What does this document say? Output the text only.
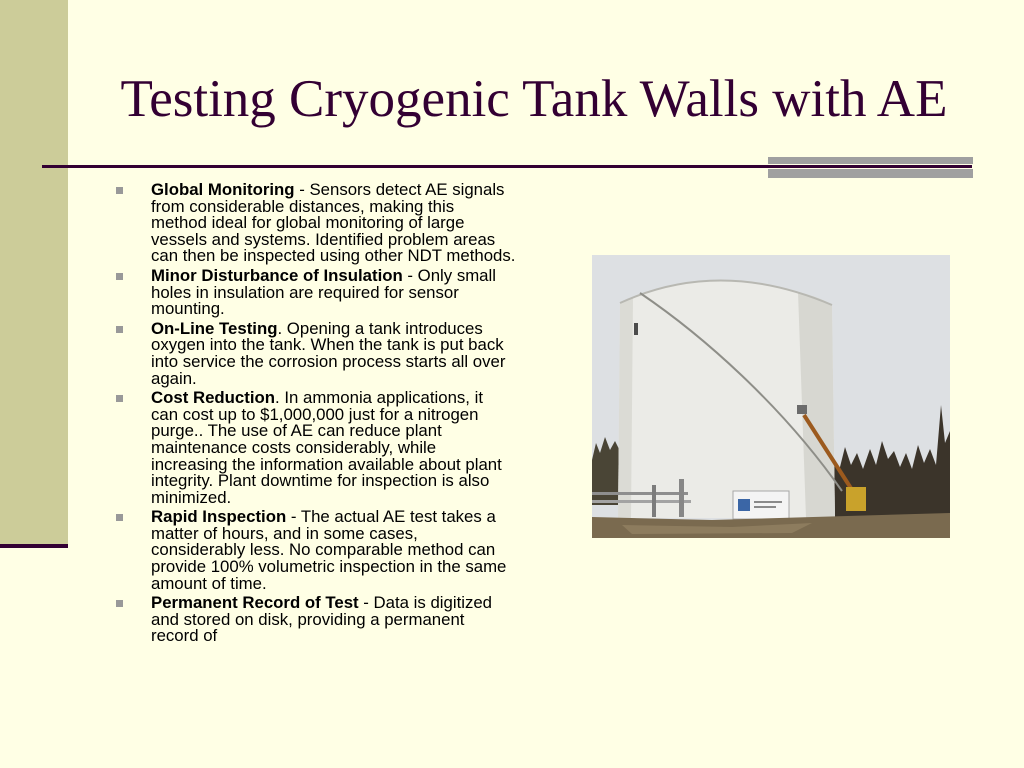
Testing Cryogenic Tank Walls with AE
Global Monitoring - Sensors detect AE signals
from considerable distances, making this
method ideal for global monitoring of large
vessels and systems. Identified problem areas
can then be inspected using other NDT methods.
Minor Disturbance of Insulation - Only small
holes in insulation are required for sensor
mounting.
On-Line Testing. Opening a tank introduces
oxygen into the tank. When the tank is put back
into service the corrosion process starts all over
again.
Cost Reduction. In ammonia applications, it
can cost up to $1,000,000 just for a nitrogen
purge.. The use of AE can reduce plant
maintenance costs considerably, while
increasing the information available about plant
integrity. Plant downtime for inspection is also
minimized.
Rapid Inspection - The actual AE test takes a
matter of hours, and in some cases,
considerably less. No comparable method can
provide 100% volumetric inspection in the same
amount of time.
Permanent Record of Test - Data is digitized
and stored on disk, providing a permanent
record of
